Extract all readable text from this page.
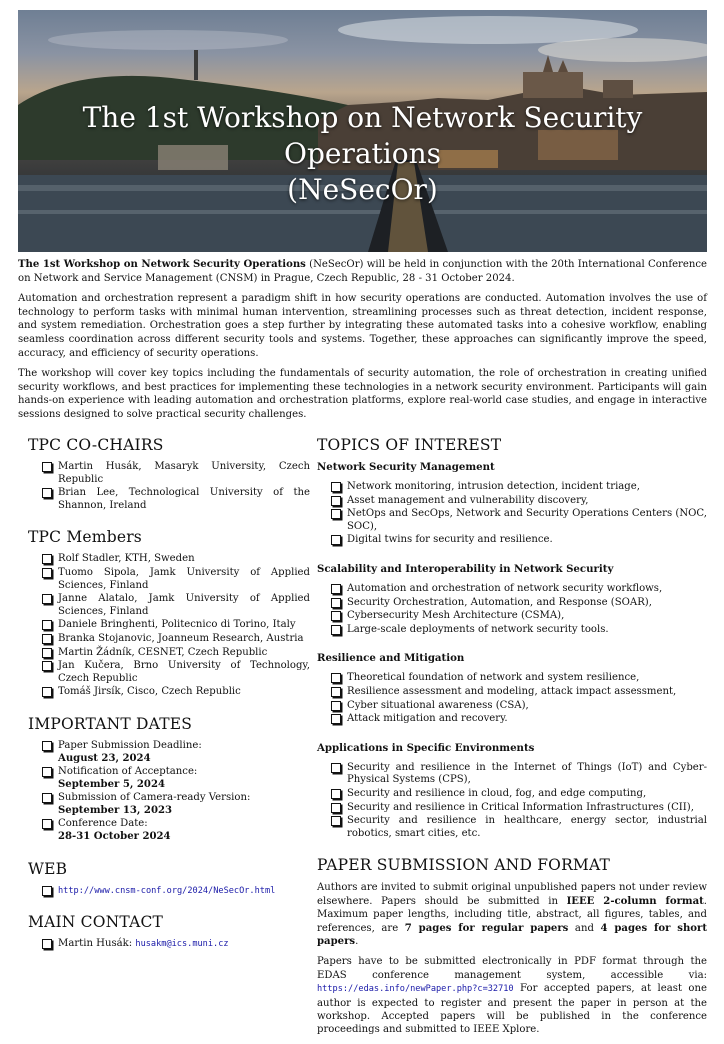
The 1st Workshop on Network Security Operations
(NeSecOr)

The 1st Workshop on Network Security Operations (NeSecOr) will be held in conjunction with the 20th International Conference on Network and Service Management (CNSM) in Prague, Czech Republic, 28 - 31 October 2024.

Automation and orchestration represent a paradigm shift in how security operations are conducted. Automation involves the use of technology to perform tasks with minimal human intervention, streamlining processes such as threat detection, incident response, and system remediation. Orchestration goes a step further by integrating these automated tasks into a cohesive workflow, enabling seamless coordination across different security tools and systems. Together, these approaches can significantly improve the speed, accuracy, and efficiency of security operations.

The workshop will cover key topics including the fundamentals of security automation, the role of orchestration in creating unified security workflows, and best practices for implementing these technologies in a network security environment. Participants will gain hands-on experience with leading automation and orchestration platforms, explore real-world case studies, and engage in interactive sessions designed to solve practical security challenges.

TPC CO-CHAIRS
Martin Husák, Masaryk University, Czech Republic
Brian Lee, Technological University of the Shannon, Ireland
TPC Members
Rolf Stadler, KTH, Sweden
Tuomo Sipola, Jamk University of Applied Sciences, Finland
Janne Alatalo, Jamk University of Applied Sciences, Finland
Daniele Bringhenti, Politecnico di Torino, Italy
Branka Stojanovic, Joanneum Research, Austria
Martin Žádník, CESNET, Czech Republic
Jan Kučera, Brno University of Technology, Czech Republic
Tomáš Jirsík, Cisco, Czech Republic
IMPORTANT DATES
Paper Submission Deadline:
August 23, 2024
Notification of Acceptance:
September 5, 2024
Submission of Camera-ready Version:
September 13, 2023
Conference Date:
28-31 October 2024
WEB
http://www.cnsm-conf.org/2024/NeSecOr.html
MAIN CONTACT
Martin Husák: husakm@ics.muni.cz
TOPICS OF INTEREST
Network Security Management
Network monitoring, intrusion detection, incident triage,
Asset management and vulnerability discovery,
NetOps and SecOps, Network and Security Operations Centers (NOC, SOC),
Digital twins for security and resilience.
Scalability and Interoperability in Network Security
Automation and orchestration of network security workflows,
Security Orchestration, Automation, and Response (SOAR),
Cybersecurity Mesh Architecture (CSMA),
Large-scale deployments of network security tools.
Resilience and Mitigation
Theoretical foundation of network and system resilience,
Resilience assessment and modeling, attack impact assessment,
Cyber situational awareness (CSA),
Attack mitigation and recovery.
Applications in Specific Environments
Security and resilience in the Internet of Things (IoT) and Cyber-Physical Systems (CPS),
Security and resilience in cloud, fog, and edge computing,
Security and resilience in Critical Information Infrastructures (CII),
Security and resilience in healthcare, energy sector, industrial robotics, smart cities, etc.
PAPER SUBMISSION AND FORMAT

Authors are invited to submit original unpublished papers not under review elsewhere. Papers should be submitted in IEEE 2-column format. Maximum paper lengths, including title, abstract, all figures, tables, and references, are 7 pages for regular papers and 4 pages for short papers.

Papers have to be submitted electronically in PDF format through the EDAS conference management system, accessible via: https://edas.info/newPaper.php?c=32710 For accepted papers, at least one author is expected to register and present the paper in person at the workshop. Accepted papers will be published in the conference proceedings and submitted to IEEE Xplore.
